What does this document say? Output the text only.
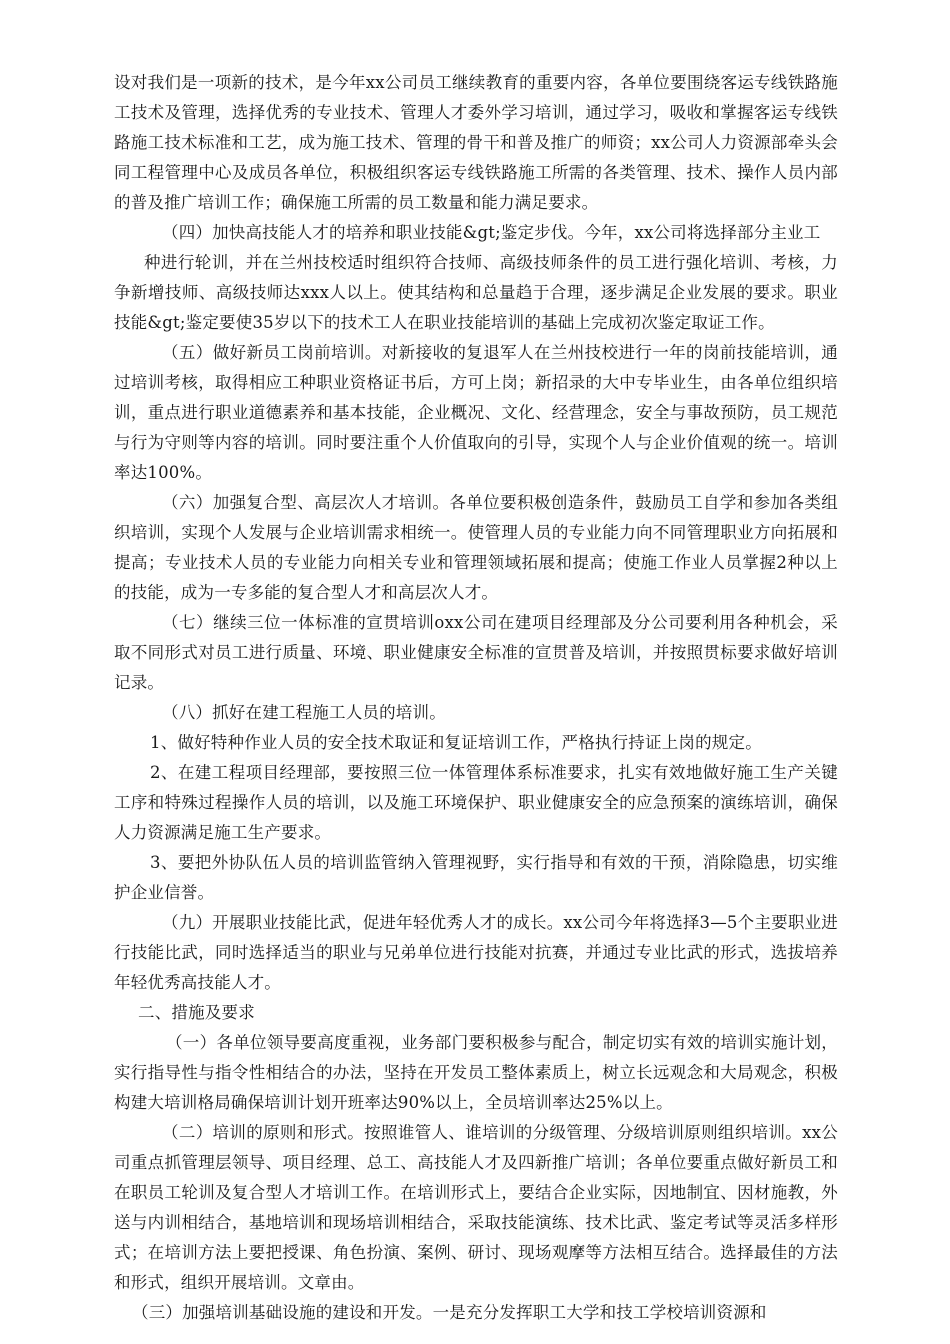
设对我们是一项新的技术，是今年xx公司员工继续教育的重要内容，各单位要围绕客运专线铁路施工技术及管理，选择优秀的专业技术、管理人才委外学习培训，通过学习，吸收和掌握客运专线铁路施工技术标准和工艺，成为施工技术、管理的骨干和普及推广的师资；xx公司人力资源部牵头会同工程管理中心及成员各单位，积极组织客运专线铁路施工所需的各类管理、技术、操作人员内部的普及推广培训工作；确保施工所需的员工数量和能力满足要求。

（四）加快高技能人才的培养和职业技能&gt;鉴定步伐。今年，xx公司将选择部分主业工

种进行轮训，并在兰州技校适时组织符合技师、高级技师条件的员工进行强化培训、考核，力争新增技师、高级技师达xxx人以上。使其结构和总量趋于合理，逐步满足企业发展的要求。职业技能&gt;鉴定要使35岁以下的技术工人在职业技能培训的基础上完成初次鉴定取证工作。

（五）做好新员工岗前培训。对新接收的复退军人在兰州技校进行一年的岗前技能培训，通过培训考核，取得相应工种职业资格证书后，方可上岗；新招录的大中专毕业生，由各单位组织培训，重点进行职业道德素养和基本技能，企业概况、文化、经营理念，安全与事故预防，员工规范与行为守则等内容的培训。同时要注重个人价值取向的引导，实现个人与企业价值观的统一。培训率达100%。

（六）加强复合型、高层次人才培训。各单位要积极创造条件，鼓励员工自学和参加各类组织培训，实现个人发展与企业培训需求相统一。使管理人员的专业能力向不同管理职业方向拓展和提高；专业技术人员的专业能力向相关专业和管理领域拓展和提高；使施工作业人员掌握2种以上的技能，成为一专多能的复合型人才和高层次人才。

（七）继续三位一体标准的宣贯培训oxx公司在建项目经理部及分公司要利用各种机会，采取不同形式对员工进行质量、环境、职业健康安全标准的宣贯普及培训，并按照贯标要求做好培训记录。

（八）抓好在建工程施工人员的培训。

1、做好特种作业人员的安全技术取证和复证培训工作，严格执行持证上岗的规定。

2、在建工程项目经理部，要按照三位一体管理体系标准要求，扎实有效地做好施工生产关键工序和特殊过程操作人员的培训，以及施工环境保护、职业健康安全的应急预案的演练培训，确保人力资源满足施工生产要求。

3、要把外协队伍人员的培训监管纳入管理视野，实行指导和有效的干预，消除隐患，切实维护企业信誉。

（九）开展职业技能比武，促进年轻优秀人才的成长。xx公司今年将选择3—5个主要职业进行技能比武，同时选择适当的职业与兄弟单位进行技能对抗赛，并通过专业比武的形式，选拔培养年轻优秀高技能人才。

二、措施及要求

（一）各单位领导要高度重视，业务部门要积极参与配合，制定切实有效的培训实施计划，实行指导性与指令性相结合的办法，坚持在开发员工整体素质上，树立长远观念和大局观念，积极构建大培训格局确保培训计划开班率达90%以上，全员培训率达25%以上。

（二）培训的原则和形式。按照谁管人、谁培训的分级管理、分级培训原则组织培训。xx公司重点抓管理层领导、项目经理、总工、高技能人才及四新推广培训；各单位要重点做好新员工和在职员工轮训及复合型人才培训工作。在培训形式上，要结合企业实际，因地制宜、因材施教，外送与内训相结合，基地培训和现场培训相结合，采取技能演练、技术比武、鉴定考试等灵活多样形式；在培训方法上要把授课、角色扮演、案例、研讨、现场观摩等方法相互结合。选择最佳的方法和形式，组织开展培训。文章由。

（三）加强培训基础设施的建设和开发。一是充分发挥职工大学和技工学校培训资源和
